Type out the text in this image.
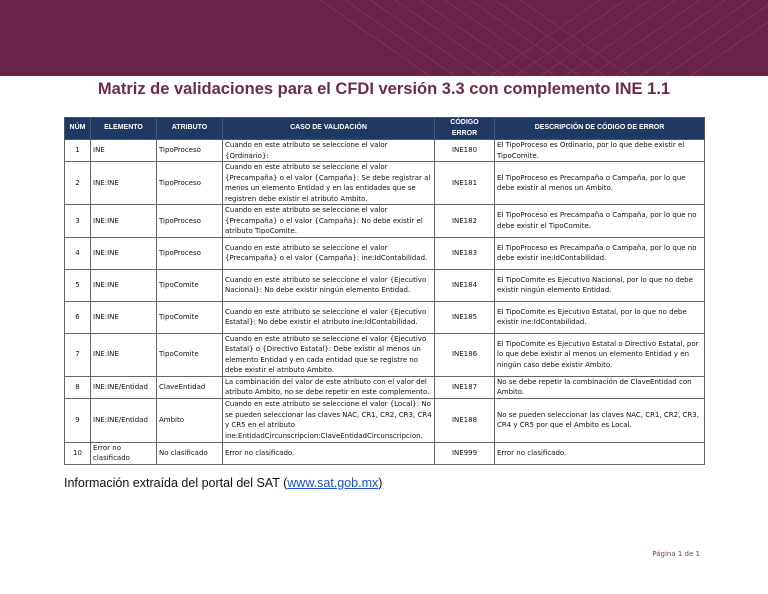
Matriz de validaciones para el CFDI versión 3.3 con complemento INE 1.1
NÚM	ELEMENTO	ATRIBUTO	CASO DE VALIDACIÓN	CÓDIGO ERROR	DESCRIPCIÓN DE CÓDIGO DE ERROR
1	INE	TipoProceso	Cuando en este atributo se seleccione el valor {Ordinario}:	INE180	El TipoProceso es Ordinario, por lo que debe existir el TipoComite.
2	INE:INE	TipoProceso	Cuando en este atributo se seleccione el valor {Precampaña} o el valor {Campaña}: Se debe registrar al menos un elemento Entidad y en las entidades que se registren debe existir el atributo Ambito.	INE181	El TipoProceso es Precampaña o Campaña, por lo que debe existir al menos un Ambito.
3	INE:INE	TipoProceso	Cuando en este atributo se seleccione el valor {Precampaña} o el valor {Campaña}: No debe existir el atributo TipoComite.	INE182	El TipoProceso es Precampaña o Campaña, por lo que no debe existir el TipoComite.
4	INE:INE	TipoProceso	Cuando en este atributo se seleccione el valor {Precampaña} o el valor {Campaña}: ine:IdContabilidad.	INE183	El TipoProceso es Precampaña o Campaña, por lo que no debe existir ine:IdContabilidad.
5	INE:INE	TipoComite	Cuando en este atributo se seleccione el valor {Ejecutivo Nacional}: No debe existir ningún elemento Entidad.	INE184	El TipoComite es Ejecutivo Nacional, por lo que no debe existir ningún elemento Entidad.
6	INE:INE	TipoComite	Cuando en este atributo se seleccione el valor {Ejecutivo Estatal}: No debe existir el atributo ine:IdContabilidad.	INE185	El TipoComite es Ejecutivo Estatal, por lo que no debe existir ine:IdContabilidad.
7	INE:INE	TipoComite	Cuando en este atributo se seleccione el valor {Ejecutivo Estatal} o {Directivo Estatal}: Debe existir al menos un elemento Entidad y en cada entidad que se registre no debe existir el atributo Ambito.	INE186	El TipoComite es Ejecutivo Estatal o Directivo Estatal, por lo que debe existir al menos un elemento Entidad y en ningún caso debe existir Ambito.
8	INE:INE/Entidad	ClaveEntidad	La combinación del valor de este atributo con el valor del atributo Ambito, no se debe repetir en este complemento.	INE187	No se debe repetir la combinación de ClaveEntidad con Ambito.
9	INE:INE/Entidad	Ambito	Cuando en este atributo se seleccione el valor {Local}: No se pueden seleccionar las claves NAC, CR1, CR2, CR3, CR4 y CR5 en el atributo ine:EntidadCircunscripcion:ClaveEntidadCircunscripcion.	INE188	No se pueden seleccionar las claves NAC, CR1, CR2, CR3, CR4 y CR5 por que el Ambito es Local.
10	Error no clasificado	No clasificado	Error no clasificado.	INE999	Error no clasificado.
Información extraída del portal del SAT (www.sat.gob.mx)
Página 1 de 1
